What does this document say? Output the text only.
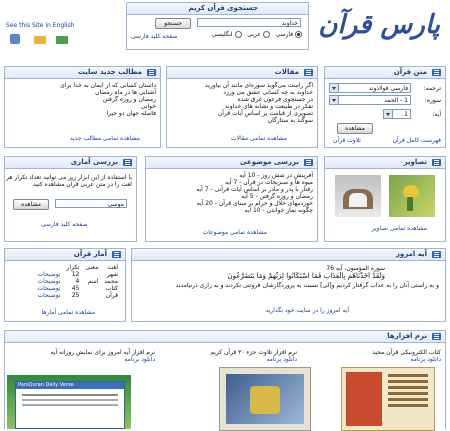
پارس قرآن
جستجوی قرآن کریم
خداوند
جستجو
فارسی    عربی    انگلیسی
صفحه کلید فارسی
See this Site in English
متن قرآن
ترجمه:
فارسی فولادوند
سوره:
1 - الحمد
آیه:
1
مشاهده
فهرست کامل قرآن
تلاوت قرآن
مقالات
اگر راست می‌گوید سوره‌ای مانند آن بیاورید
خداوند به چه کسانی عشق می ورزد
در جستجوی فرعون غرق شده
تفکر در طبیعت و نشانه های خداوند
تصویری از قیامت بر اساس آیات قرآن
سوگند به ستارگان
مشاهده تمامی مقالات
مطالب جدید سایت
داستان کسانی که از ایمان به خدا برای
آشنایی ها در ماه رمضان
رمضان و روزه گرفتن
خوانی
فاصله جهان دو جیرا
مشاهده تمامی مطالب جدید
تصاویر
مشاهده تمامی تصاویر
بررسی موضوعی
آفرینش در شش روز - 10 آیه
میوه ها و سبزیجات در قرآن - 7 آیه
رفتار با پدر و مادر بر اساس آیات قرآنی - 7 آیه
رمضان و روزه گرفتن - 5 آیه
خوردنیهای حلال و حرام بر مبنای قرآن - 20 آیه
چگونه نماز خواندن - 10 آیه
مشاهده تمامی موضوعات
بررسی آماری
با استفاده از این ابزار زیر می توانید تعداد تکرار هر
لغت را در متن عربی قرآن مشاهده کنید
موسی
مشاهده
صفحه کلید فارسی
آیه امروز
سوره المؤمنون، آیه 76
وَلَقَدْ أَخَذْنَاهُم بِالْعَذَابِ فَمَا اسْتَكَانُوا لِرَبِّهِمْ وَمَا يَتَضَرَّعُونَ
و به راستی آنان را به عذاب گرفتار کردیم و[لی] نسبت به پروردگارشان فروتنی نکردند و به زاری درنیامدند
آیه امروز را در سایت خود بگذارید
آمار قرآن
لغت	معنی	تکرار	
شهر		12	توضیحات
محمد	اسم	4	توضیحات
کتاب		45	توضیحات
قرآن		25	توضیحات
مشاهده تمامی آمارها
نرم افزارها
کتاب الکترونیکی قرآن مجید
دانلود برنامه
نرم افزار تلاوت جزء ۳۰ قرآن کریم
دانلود برنامه
نرم افزار آیه امروز برای نمایش روزانه آیه
دانلود برنامه
ParsQuran Daily Verse
